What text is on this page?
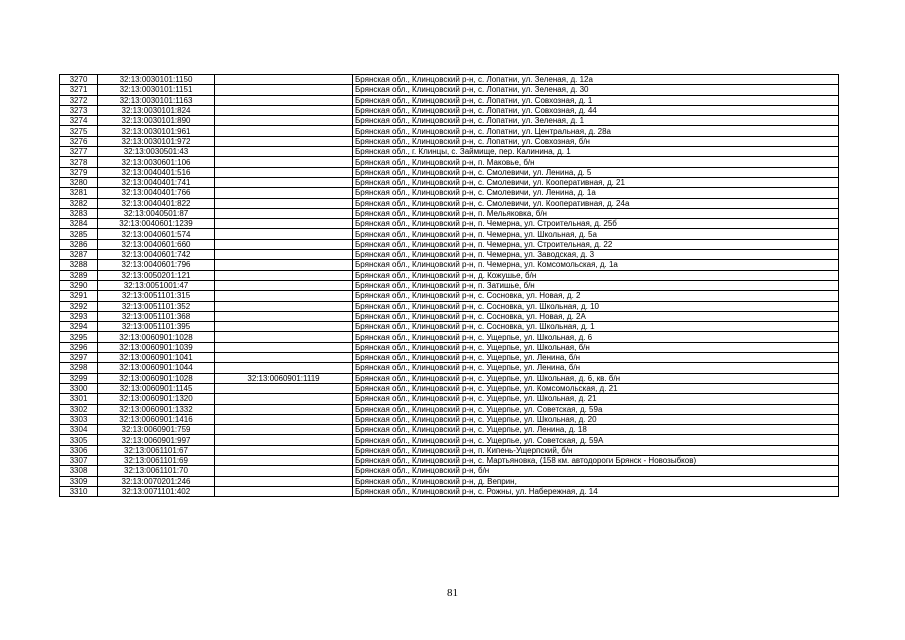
3270	32:13:0030101:1150		Брянская обл., Клинцовский р-н, с. Лопатни, ул. Зеленая, д. 12а
3271	32:13:0030101:1151		Брянская обл., Клинцовский р-н, с. Лопатни, ул. Зеленая, д. 30
3272	32:13:0030101:1163		Брянская обл., Клинцовский р-н, с. Лопатни, ул. Совхозная, д. 1
3273	32:13:0030101:824		Брянская обл., Клинцовский р-н, с. Лопатни, ул. Совхозная, д. 44
3274	32:13:0030101:890		Брянская обл., Клинцовский р-н, с. Лопатни, ул. Зеленая, д. 1
3275	32:13:0030101:961		Брянская обл., Клинцовский р-н, с. Лопатни, ул. Центральная, д. 28а
3276	32:13:0030101:972		Брянская обл., Клинцовский р-н, с. Лопатни, ул. Совхозная, б/н
3277	32:13:0030501:43		Брянская обл., г. Клинцы, с. Займище, пер. Калинина, д. 1
3278	32:13:0030601:106		Брянская обл., Клинцовский р-н, п. Маковье, б/н
3279	32:13:0040401:516		Брянская обл., Клинцовский р-н, с. Смолевичи, ул. Ленина, д. 5
3280	32:13:0040401:741		Брянская обл., Клинцовский р-н, с. Смолевичи, ул. Кооперативная, д. 21
3281	32:13:0040401:766		Брянская обл., Клинцовский р-н, с. Смолевичи, ул. Ленина, д. 1а
3282	32:13:0040401:822		Брянская обл., Клинцовский р-н, с. Смолевичи, ул. Кооперативная, д. 24а
3283	32:13:0040501:87		Брянская обл., Клинцовский р-н, п. Мельяковка, б/н
3284	32:13:0040601:1239		Брянская обл., Клинцовский р-н, п. Чемерна, ул. Строительная, д. 25б
3285	32:13:0040601:574		Брянская обл., Клинцовский р-н, п. Чемерна, ул. Школьная, д. 5а
3286	32:13:0040601:660		Брянская обл., Клинцовский р-н, п. Чемерна, ул. Строительная, д. 22
3287	32:13:0040601:742		Брянская обл., Клинцовский р-н, п. Чемерна, ул. Заводская, д. 3
3288	32:13:0040601:796		Брянская обл., Клинцовский р-н, п. Чемерна, ул. Комсомольская, д. 1а
3289	32:13:0050201:121		Брянская обл., Клинцовский р-н, д. Кожушье, б/н
3290	32:13:0051001:47		Брянская обл., Клинцовский р-н, п. Затишье, б/н
3291	32:13:0051101:315		Брянская обл., Клинцовский р-н, с. Сосновка, ул. Новая, д. 2
3292	32:13:0051101:352		Брянская обл., Клинцовский р-н, с. Сосновка, ул. Школьная, д. 10
3293	32:13:0051101:368		Брянская обл., Клинцовский р-н, с. Сосновка, ул. Новая, д. 2А
3294	32:13:0051101:395		Брянская обл., Клинцовский р-н, с. Сосновка, ул. Школьная, д. 1
3295	32:13:0060901:1028		Брянская обл., Клинцовский р-н, с. Ущерпье, ул. Школьная, д. 6
3296	32:13:0060901:1039		Брянская обл., Клинцовский р-н, с. Ущерпье, ул. Школьная, б/н
3297	32:13:0060901:1041		Брянская обл., Клинцовский р-н, с. Ущерпье, ул. Ленина, б/н
3298	32:13:0060901:1044		Брянская обл., Клинцовский р-н, с. Ущерпье, ул. Ленина, б/н
3299	32:13:0060901:1028	32:13:0060901:1119	Брянская обл., Клинцовский р-н, с. Ущерпье, ул. Школьная, д. 6, кв. б/н
3300	32:13:0060901:1145		Брянская обл., Клинцовский р-н, с. Ущерпье, ул. Комсомольская, д. 21
3301	32:13:0060901:1320		Брянская обл., Клинцовский р-н, с. Ущерпье, ул. Школьная, д. 21
3302	32:13:0060901:1332		Брянская обл., Клинцовский р-н, с. Ущерпье, ул. Советская, д. 59а
3303	32:13:0060901:1416		Брянская обл., Клинцовский р-н, с. Ущерпье, ул. Школьная, д. 20
3304	32:13:0060901:759		Брянская обл., Клинцовский р-н, с. Ущерпье, ул. Ленина, д. 18
3305	32:13:0060901:997		Брянская обл., Клинцовский р-н, с. Ущерпье, ул. Советская, д. 59А
3306	32:13:0061101:67		Брянская обл., Клинцовский р-н, п. Кипень-Ущерпский, б/н
3307	32:13:0061101:69		Брянская обл., Клинцовский р-н, с. Мартьяновка, (158 км. автодороги Брянск - Новозыбков)
3308	32:13:0061101:70		Брянская обл., Клинцовский р-н, б/н
3309	32:13:0070201:246		Брянская обл., Клинцовский р-н, д. Веприн,
3310	32:13:0071101:402		Брянская обл., Клинцовский р-н, с. Рожны, ул. Набережная, д. 14
81
